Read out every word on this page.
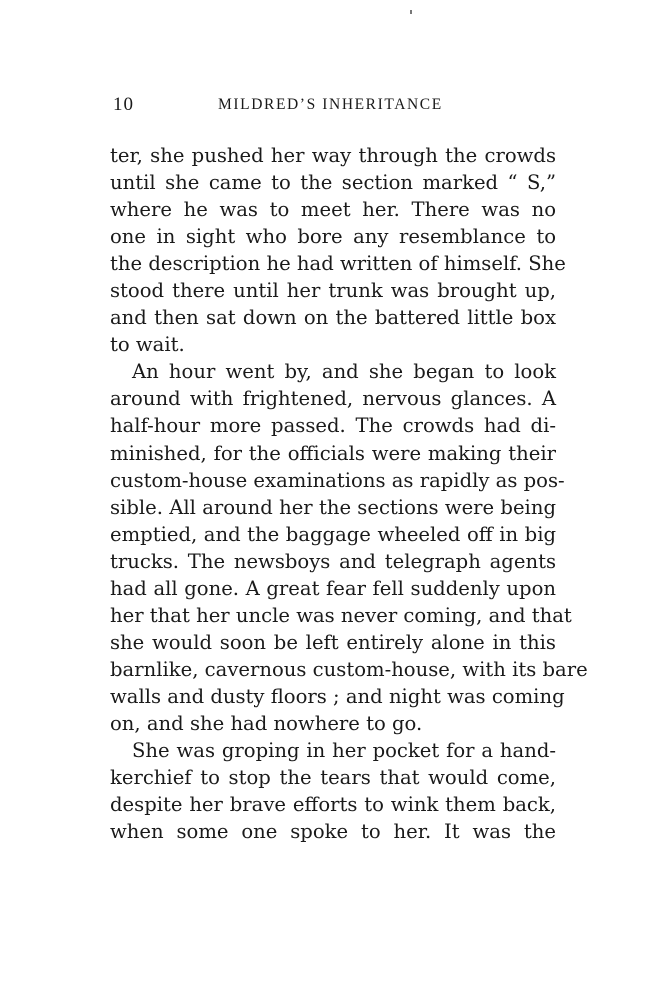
10	MILDRED’S INHERITANCE
ter, she pushed her way through the crowds
until she came to the section marked “ S,”
where he was to meet her. There was no
one in sight who bore any resemblance to
the description he had written of himself. She
stood there until her trunk was brought up,
and then sat down on the battered little box
to wait.
An hour went by, and she began to look
around with frightened, nervous glances. A
half-hour more passed. The crowds had di-
minished, for the officials were making their
custom-house examinations as rapidly as pos-
sible. All around her the sections were being
emptied, and the baggage wheeled off in big
trucks. The newsboys and telegraph agents
had all gone. A great fear fell suddenly upon
her that her uncle was never coming, and that
she would soon be left entirely alone in this
barnlike, cavernous custom-house, with its bare
walls and dusty floors ; and night was coming
on, and she had nowhere to go.
She was groping in her pocket for a hand-
kerchief to stop the tears that would come,
despite her brave efforts to wink them back,
when some one spoke to her. It was the
